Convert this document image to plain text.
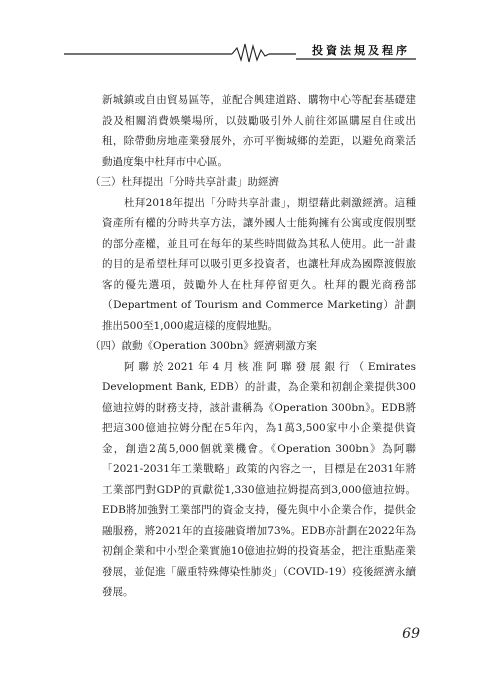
投資法規及程序

新城鎮或自由貿易區等，並配合興建道路、購物中心等配套基礎建設及相關消費娛樂場所，以鼓勵吸引外人前往郊區購屋自住或出租，除帶動房地產業發展外，亦可平衡城鄉的差距，以避免商業活動過度集中杜拜市中心區。

（三）杜拜提出「分時共享計畫」助經濟

杜拜2018年提出「分時共享計畫」，期望藉此刺激經濟。這種資產所有權的分時共享方法，讓外國人士能夠擁有公寓或度假別墅的部分產權，並且可在每年的某些時間做為其私人使用。此一計畫的目的是希望杜拜可以吸引更多投資者，也讓杜拜成為國際渡假旅客的優先選項，鼓勵外人在杜拜停留更久。杜拜的觀光商務部（Department of Tourism and Commerce Marketing）計劃推出500至1,000處這樣的度假地點。

（四）啟動《Operation 300bn》經濟刺激方案

阿聯於2021年4月核准阿聯發展銀行（Emirates Development Bank, EDB）的計畫，為企業和初創企業提供300億迪拉姆的財務支持，該計畫稱為《Operation 300bn》。EDB將把這300億迪拉姆分配在5年內，為1萬3,500家中小企業提供資金，創造2萬5,000個就業機會。《Operation 300bn》為阿聯「2021-2031年工業戰略」政策的內容之一，目標是在2031年將工業部門對GDP的貢獻從1,330億迪拉姆提高到3,000億迪拉姆。EDB將加強對工業部門的資金支持，優先與中小企業合作，提供金融服務，將2021年的直接融資增加73%。EDB亦計劃在2022年為初創企業和中小型企業實施10億迪拉姆的投資基金，把注重點產業發展，並促進「嚴重特殊傳染性肺炎」（COVID-19）疫後經濟永續發展。

69
